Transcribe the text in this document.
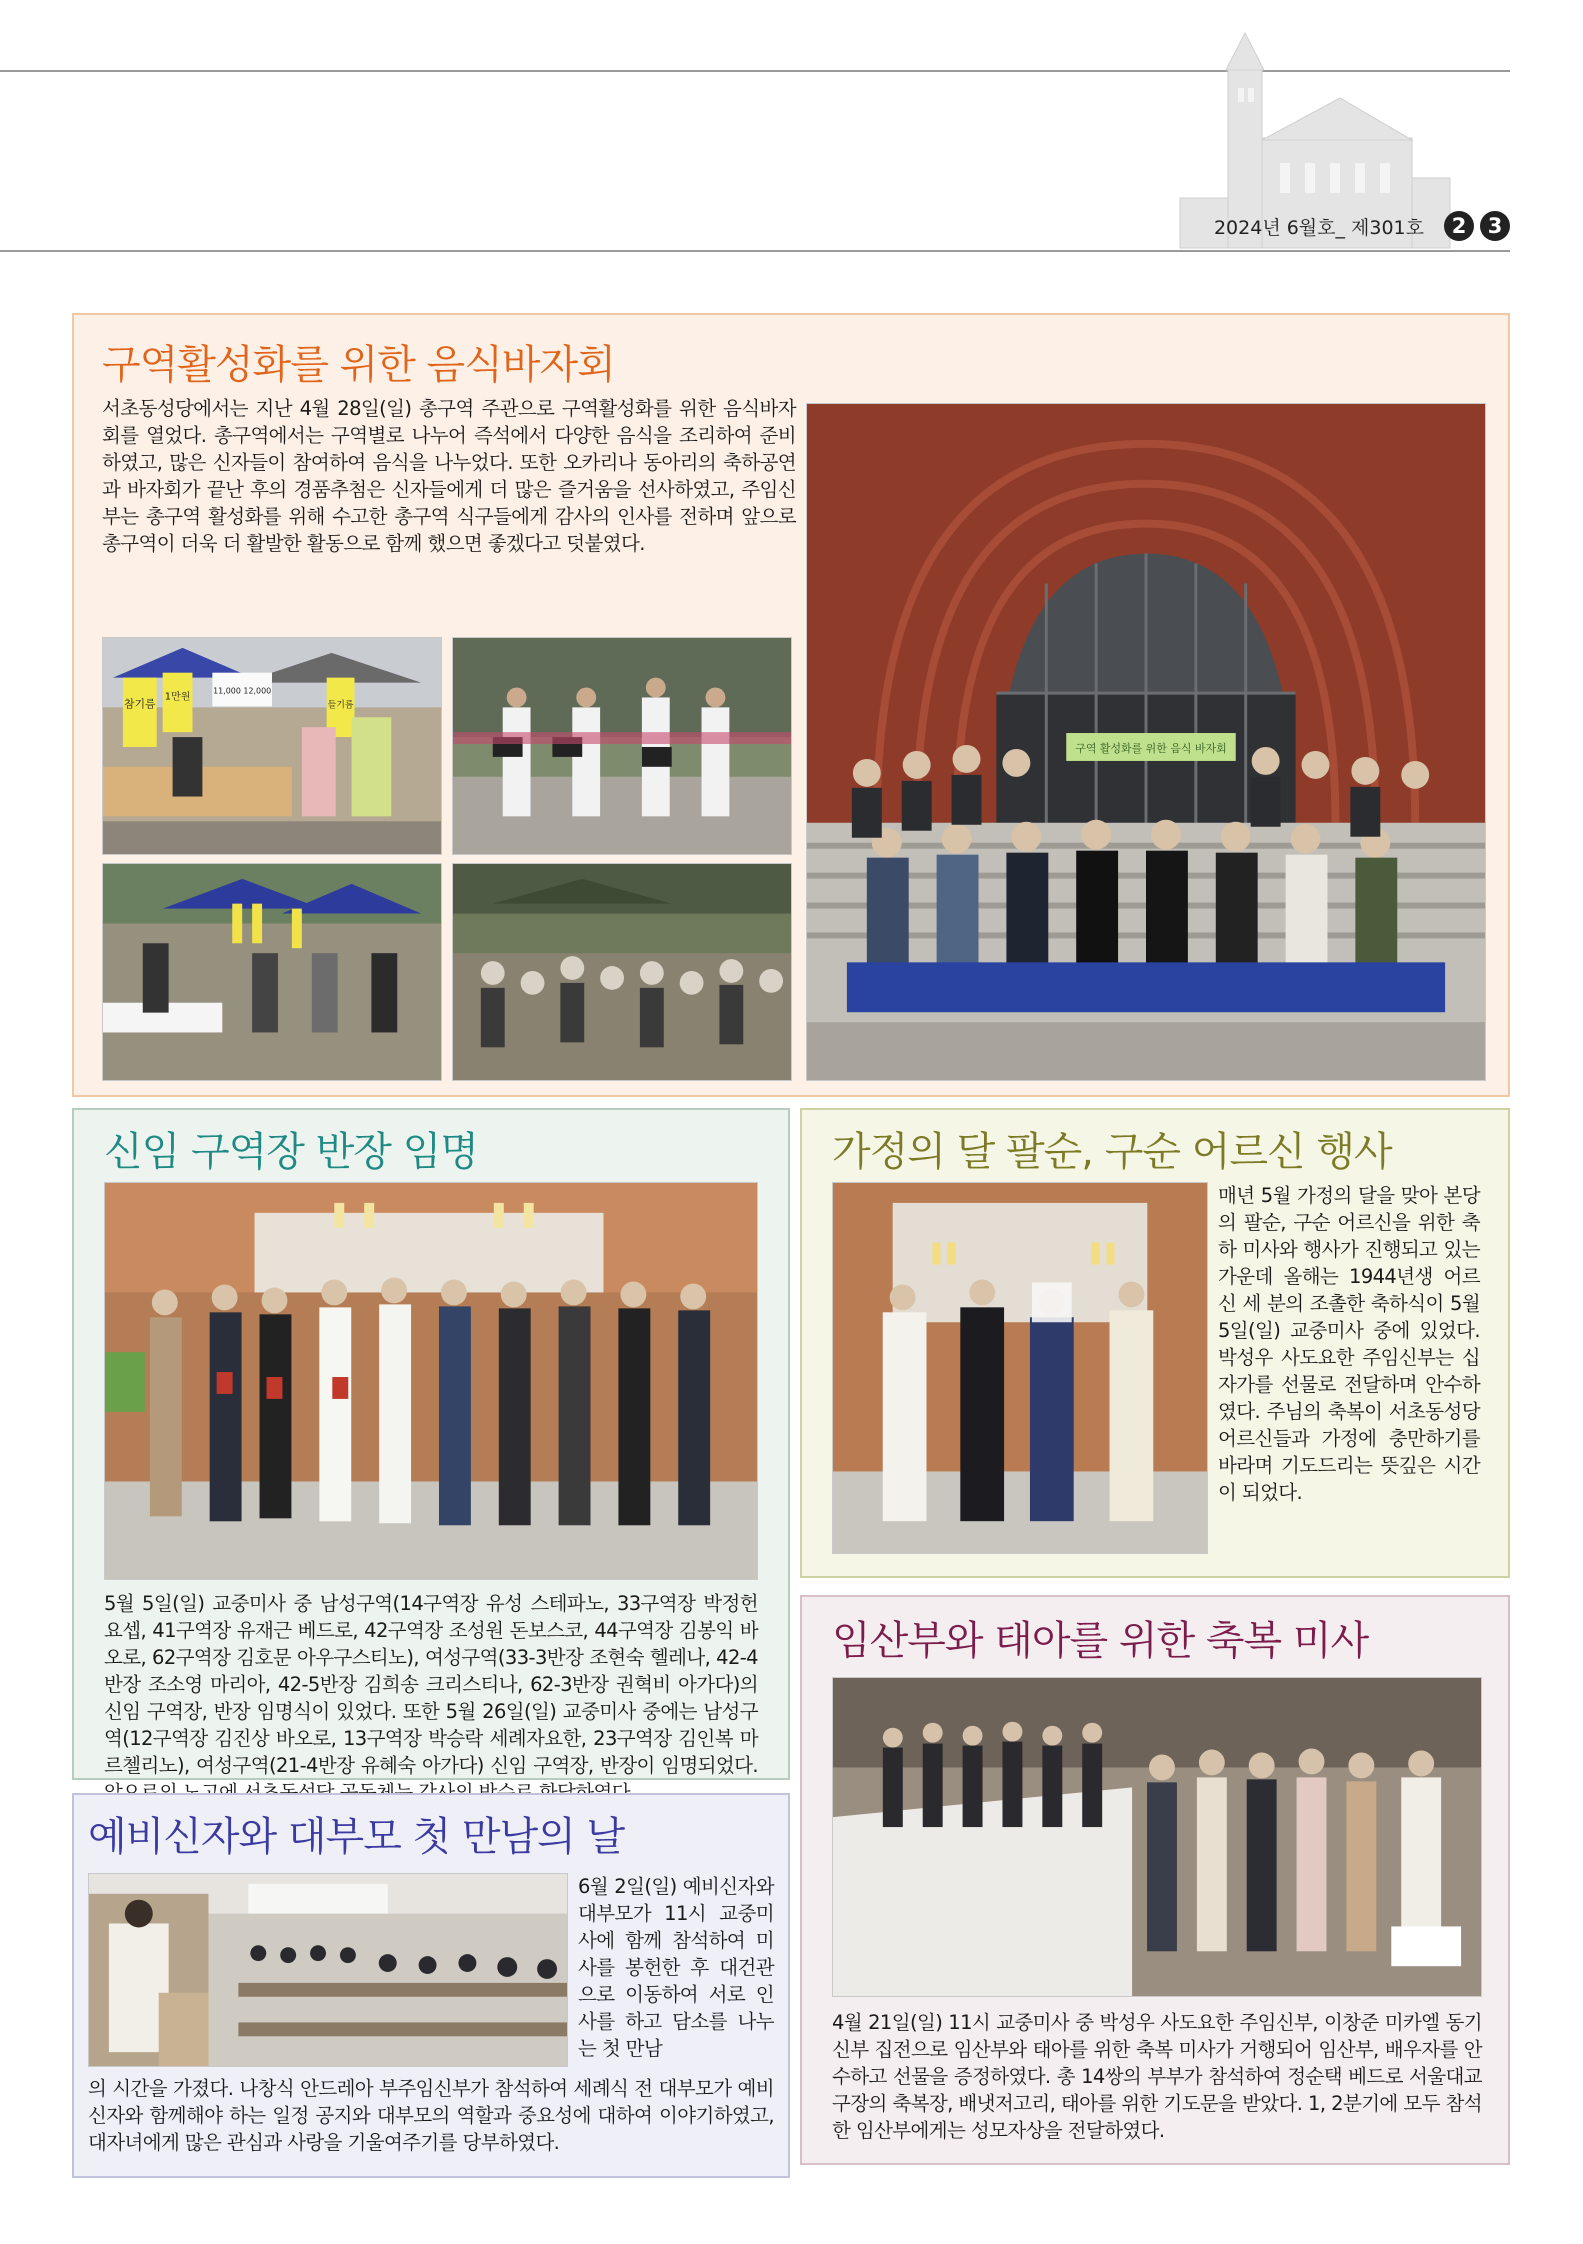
2024년 6월호_ 제301호	2	3
구역활성화를 위한 음식바자회

서초동성당에서는 지난 4월 28일(일) 총구역 주관으로 구역활성화를 위한 음식바자회를 열었다. 총구역에서는 구역별로 나누어 즉석에서 다양한 음식을 조리하여 준비하였고, 많은 신자들이 참여하여 음식을 나누었다. 또한 오카리나 동아리의 축하공연과 바자회가 끝난 후의 경품추첨은 신자들에게 더 많은 즐거움을 선사하였고, 주임신부는 총구역 활성화를 위해 수고한 총구역 식구들에게 감사의 인사를 전하며 앞으로 총구역이 더욱 더 활발한 활동으로 함께 했으면 좋겠다고 덧붙였다.

참기름
1만원
11,000 12,000
들기름
구역 활성화를 위한 음식 바자회
신임 구역장 반장 임명

5월 5일(일) 교중미사 중 남성구역(14구역장 유성 스테파노, 33구역장 박정헌 요셉, 41구역장 유재근 베드로, 42구역장 조성원 돈보스코, 44구역장 김봉익 바오로, 62구역장 김호문 아우구스티노), 여성구역(33-3반장 조현숙 헬레나, 42-4반장 조소영 마리아, 42-5반장 김희송 크리스티나, 62-3반장 권혁비 아가다)의 신임 구역장, 반장 임명식이 있었다. 또한 5월 26일(일) 교중미사 중에는 남성구역(12구역장 김진상 바오로, 13구역장 박승락 세례자요한, 23구역장 김인복 마르첼리노), 여성구역(21-4반장 유혜숙 아가다) 신임 구역장, 반장이 임명되었다.

가정의 달 팔순, 구순 어르신 행사

매년 5월 가정의 달을 맞아 본당의 팔순, 구순 어르신을 위한 축하 미사와 행사가 진행되고 있는 가운데 올해는 1944년생 어르신 세 분의 조촐한 축하식이 5월 5일(일) 교중미사 중에 있었다. 박성우 사도요한 주임신부는 십자가를 선물로 전달하며 안수하였다. 주님의 축복이 서초동성당 어르신들과 가정에 충만하기를 바라며 기도드리는 뜻깊은 시간이 되었다.

임산부와 태아를 위한 축복 미사

4월 21일(일) 11시 교중미사 중 박성우 사도요한 주임신부, 이창준 미카엘 동기 신부 집전으로 임산부와 태아를 위한 축복 미사가 거행되어 임산부, 배우자를 안수하고 선물을 증정하였다. 총 14쌍의 부부가 참석하여 정순택 베드로 서울대교구장의 축복장, 배냇저고리, 태아를 위한 기도문을 받았다. 1, 2분기에 모두 참석한 임산부에게는 성모자상을 전달하였다.

예비신자와 대부모 첫 만남의 날

6월 2일(일) 예비신자와 대부모가 11시 교중미사에 함께 참석하여 미사를 봉헌한 후 대건관으로 이동하여 서로 인사를 하고 담소를 나누는 첫 만남

의 시간을 가졌다. 나창식 안드레아 부주임신부가 참석하여 세례식 전 대부모가 예비신자와 함께해야 하는 일정 공지와 대부모의 역할과 중요성에 대하여 이야기하였고, 대자녀에게 많은 관심과 사랑을 기울여주기를 당부하였다.
